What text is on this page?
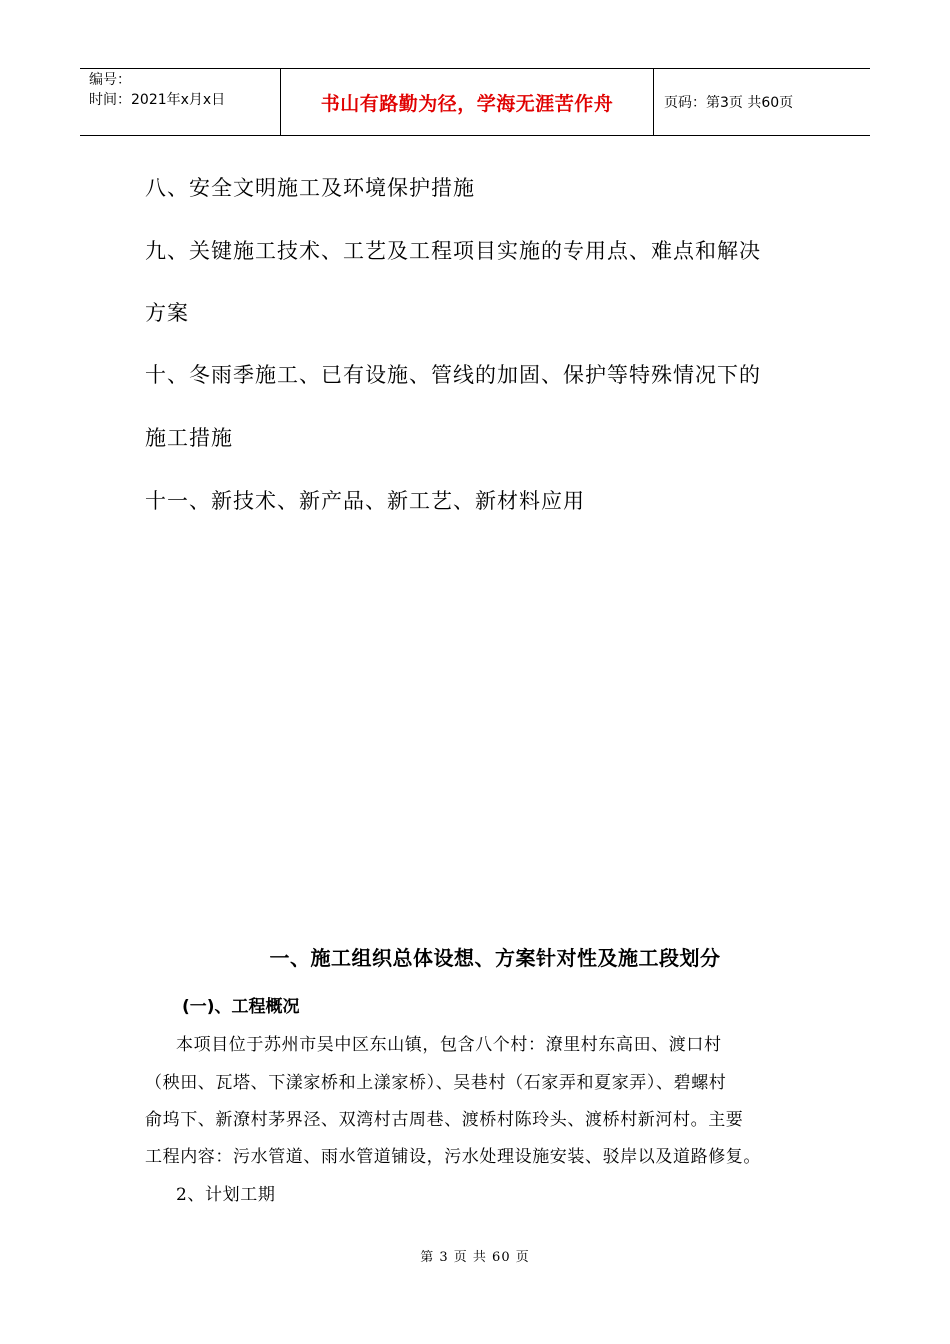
编号：
时间：2021年x月x日	书山有路勤为径，学海无涯苦作舟	页码：第3页 共60页
八、安全文明施工及环境保护措施
九、关键施工技术、工艺及工程项目实施的专用点、难点和解决
方案
十、冬雨季施工、已有设施、管线的加固、保护等特殊情况下的
施工措施
十一、新技术、新产品、新工艺、新材料应用
一、施工组织总体设想、方案针对性及施工段划分
(一)、工程概况
本项目位于苏州市吴中区东山镇，包含八个村：潦里村东高田、渡口村
（秧田、瓦塔、下漾家桥和上漾家桥）、吴巷村（石家弄和夏家弄）、碧螺村
俞坞下、新潦村茅界泾、双湾村古周巷、渡桥村陈玲头、渡桥村新河村。主要
工程内容：污水管道、雨水管道铺设，污水处理设施安装、驳岸以及道路修复。
2、计划工期
第 3 页 共 60 页
